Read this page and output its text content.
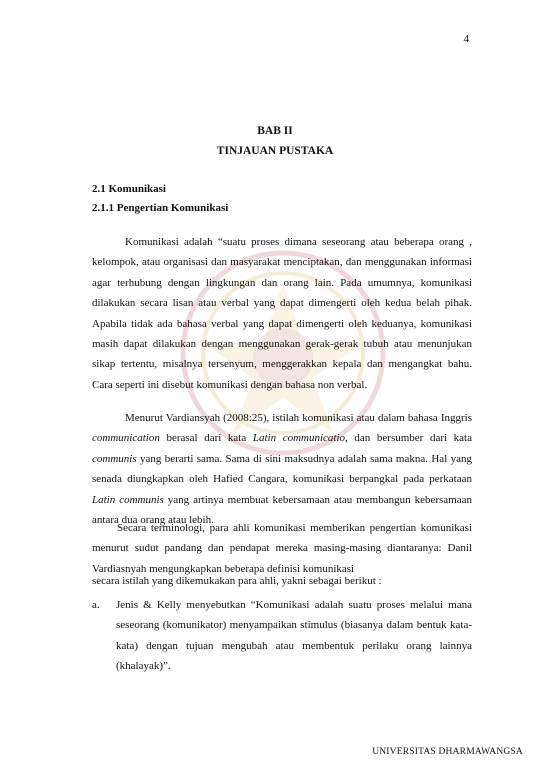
4
BAB II
TINJAUAN PUSTAKA
2.1 Komunikasi
2.1.1 Pengertian Komunikasi

Komunikasi adalah “suatu proses dimana seseorang atau beberapa orang , kelompok, atau organisasi dan masyarakat menciptakan, dan menggunakan informasi agar terhubung dengan lingkungan dan orang lain. Pada umumnya, komunikasi dilakukan secara lisan atau verbal yang dapat dimengerti oleh kedua belah pihak. Apabila tidak ada bahasa verbal yang dapat dimengerti oleh keduanya, komunikasi masih dapat dilakukan dengan menggunakan gerak-gerak tubuh atau menunjukan sikap tertentu, misalnya tersenyum, menggerakkan kepala dan mengangkat bahu. Cara seperti ini disebut komunikasi dengan bahasa non verbal.

Menurut Vardiansyah (2008:25), istilah komunikasi atau dalam bahasa Inggris communication berasal dari kata Latin communicatio, dan bersumber dari kata communis yang berarti sama. Sama di sini maksudnya adalah sama makna. Hal yang senada diungkapkan oleh Hafied Cangara, komunikasi berpangkal pada perkataan Latin communis yang artinya membuat kebersamaan atau membangun kebersamaan antara dua orang atau lebih.

Secara terminologi, para ahli komunikasi memberikan pengertian komunikasi menurut sudut pandang dan pendapat mereka masing-masing diantaranya: Danil Vardiasnyah mengungkapkan beberapa definisi komunikasi

secara istilah yang dikemukakan para ahli, yakni sebagai berikut :
a. Jenis & Kelly menyebutkan “Komunikasi adalah suatu proses melalui mana seseorang (komunikator) menyampaikan stimulus (biasanya dalam bentuk kata-kata) dengan tujuan mengubah atau membentuk perilaku orang lainnya (khalayak)”.
UNIVERSITAS DHARMAWANGSA
